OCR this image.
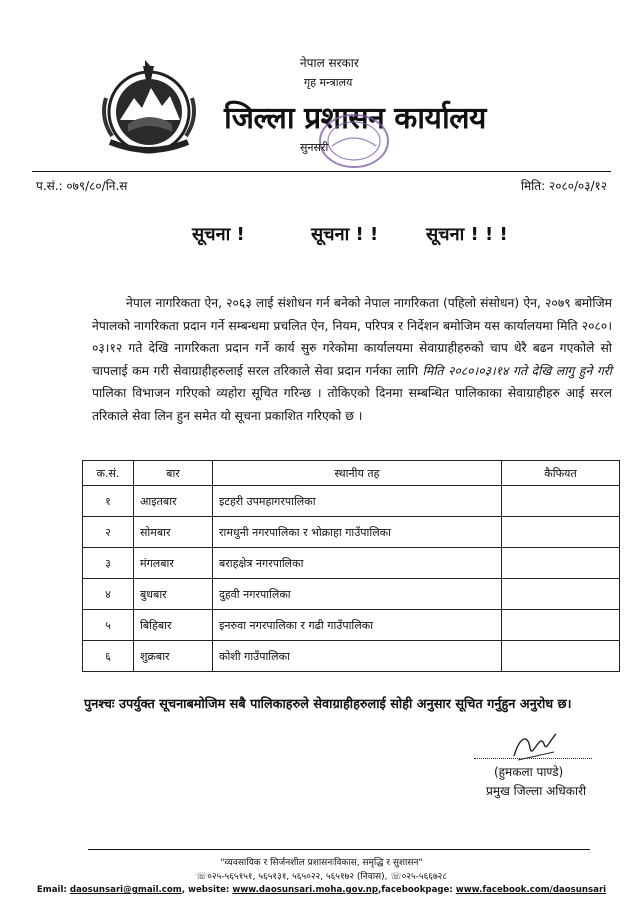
नेपाल सरकार
गृह मन्त्रालय
जिल्ला प्रशासन कार्यालय
सुनसरी
प.सं.: ०७९/८०/नि.स	मिति: २०८०/०३/१२
सूचना !	सूचना ! !	सूचना ! ! !
नेपाल नागरिकता ऐन, २०६३ लाई संशोधन गर्न बनेको नेपाल नागरिकता (पहिलो संसोधन) ऐन, २०७९ बमोजिम नेपालको नागरिकता प्रदान गर्ने सम्बन्धमा प्रचलित ऐन, नियम, परिपत्र र निर्देशन बमोजिम यस कार्यालयमा मिति २०८०।०३।१२ गते देखि नागरिकता प्रदान गर्ने कार्य सुरु गरेकोमा कार्यालयमा सेवाग्राहीहरुको चाप धेरै बढन गएकोले सो चापलाई कम गरी सेवाग्राहीहरुलाई सरल तरिकाले सेवा प्रदान गर्नका लागि मिति २०८०।०३।१४ गते देखि लागु हुने गरी पालिका विभाजन गरिएको व्यहोरा सूचित गरिन्छ । तोकिएको दिनमा सम्बन्धित पालिकाका सेवाग्राहीहरु आई सरल तरिकाले सेवा लिन हुन समेत यो सूचना प्रकाशित गरिएको छ ।
क.सं.	बार	स्थानीय तह	कैफियत
१	आइतबार	इटहरी उपमहागरपालिका	
२	सोमबार	रामधुनी नगरपालिका र भोक्राहा गाउँपालिका	
३	मंगलबार	बराहक्षेत्र नगरपालिका	
४	बुधबार	दुहवी नगरपालिका	
५	बिहिबार	इनरुवा नगरपालिका र गढी गाउँपालिका	
६	शुक्रबार	कोशी गाउँपालिका	
पुनश्चः उपर्युक्त सूचनाबमोजिम सबै पालिकाहरुले सेवाग्राहीहरुलाई सोही अनुसार सूचित गर्नुहुन अनुरोध छ।
(हुमकला पाण्डे)
प्रमुख जिल्ला अधिकारी
"व्यवसायिक र सिर्जनशील प्रशासनःविकास, समृद्धि र सुशासन"
☏०२५-५६५१५१, ५६५१३१, ५६५०२२, ५६५१७२ (निवास), ☏०२५-५६६७२८
Email: daosunsari@gmail.com, website: www.daosunsari.moha.gov.np,facebookpage: www.facebook.com/daosunsari
